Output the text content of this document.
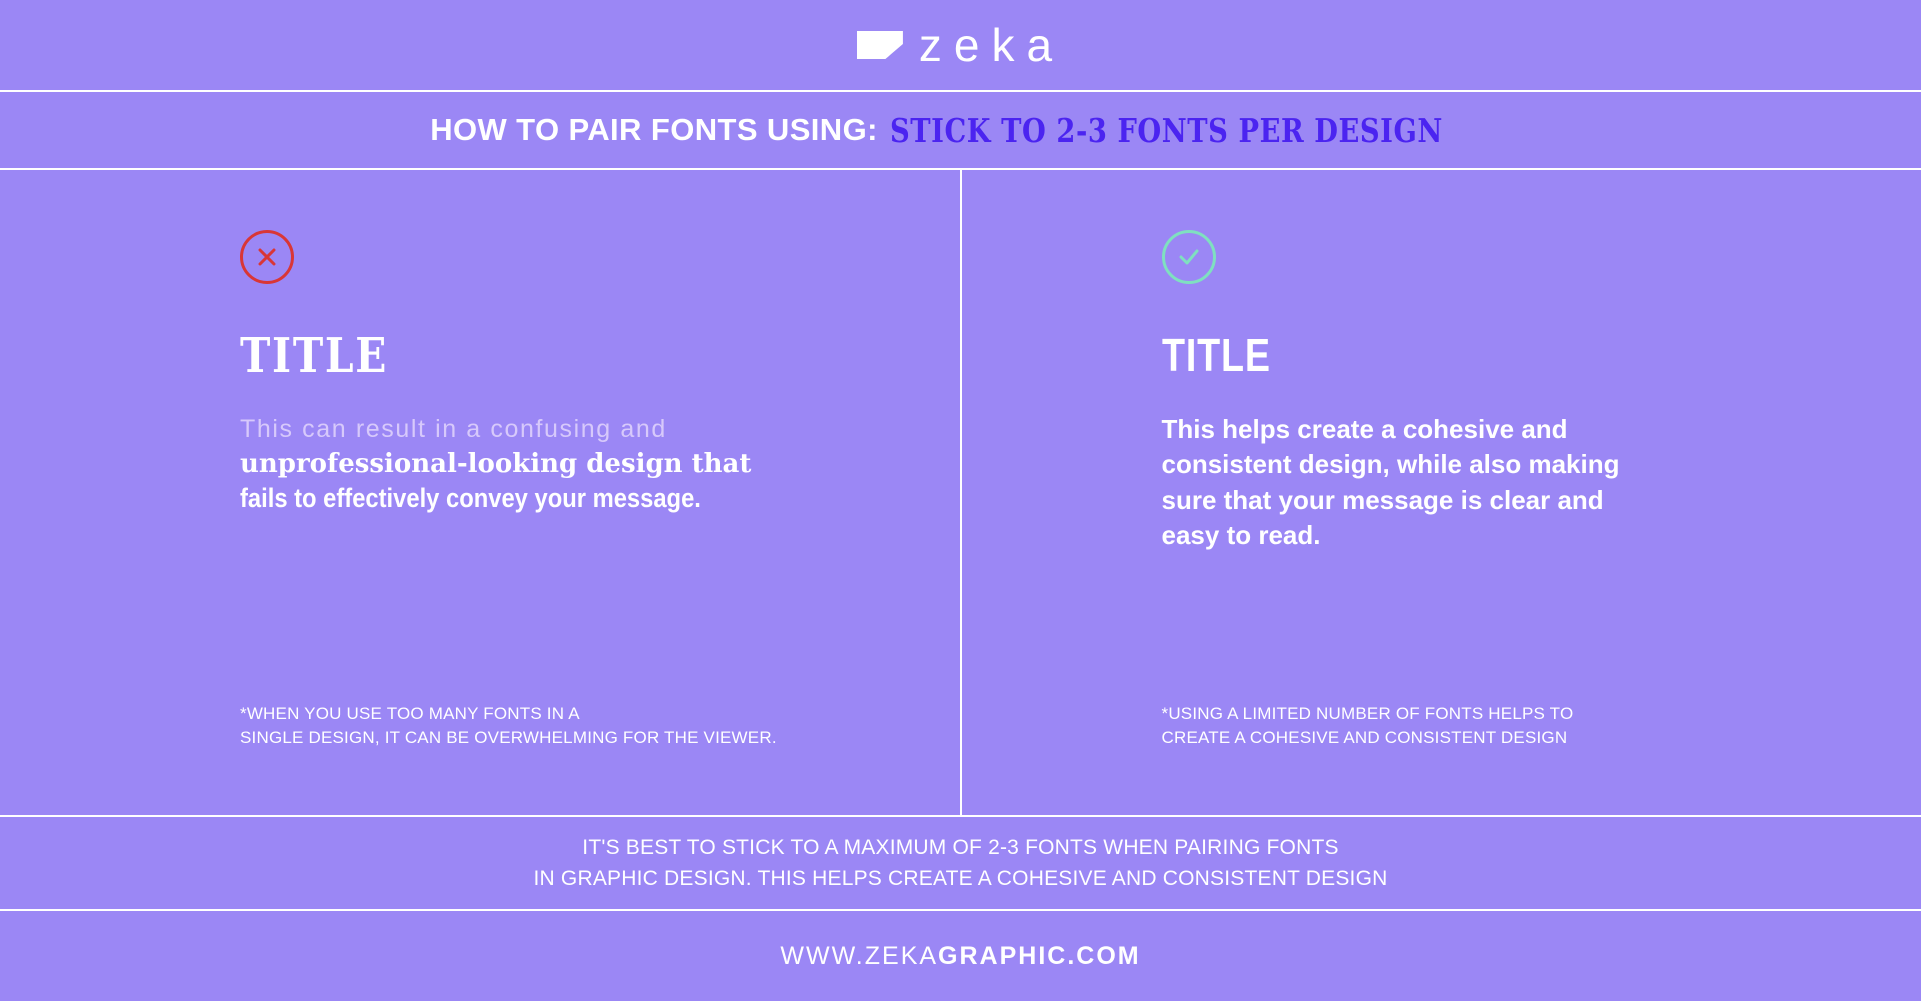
zeka
HOW TO PAIR FONTS USING: STICK TO 2-3 FONTS PER DESIGN
TITLE
This can result in a confusing and
unprofessional-looking design that
fails to effectively convey your message.
*WHEN YOU USE TOO MANY FONTS IN A
SINGLE DESIGN, IT CAN BE OVERWHELMING FOR THE VIEWER.
TITLE
This helps create a cohesive and consistent design, while also making sure that your message is clear and easy to read.
*USING A LIMITED NUMBER OF FONTS HELPS TO
CREATE A COHESIVE AND CONSISTENT DESIGN
IT'S BEST TO STICK TO A MAXIMUM OF 2-3 FONTS WHEN PAIRING FONTS
IN GRAPHIC DESIGN. THIS HELPS CREATE A COHESIVE AND CONSISTENT DESIGN
WWW.ZEKA GRAPHIC.COM
